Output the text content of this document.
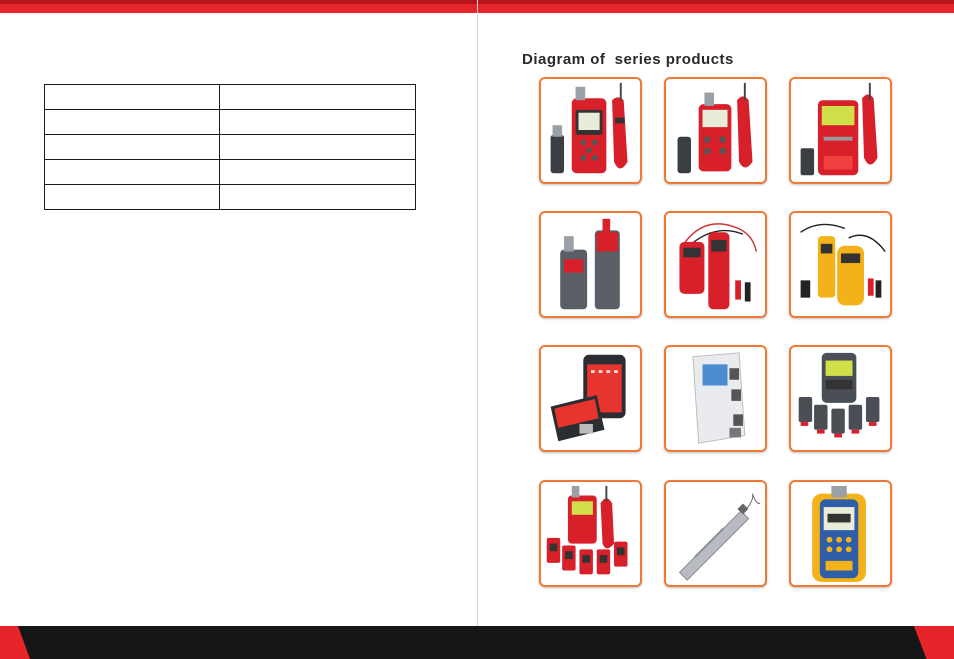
Diagram of  series products
